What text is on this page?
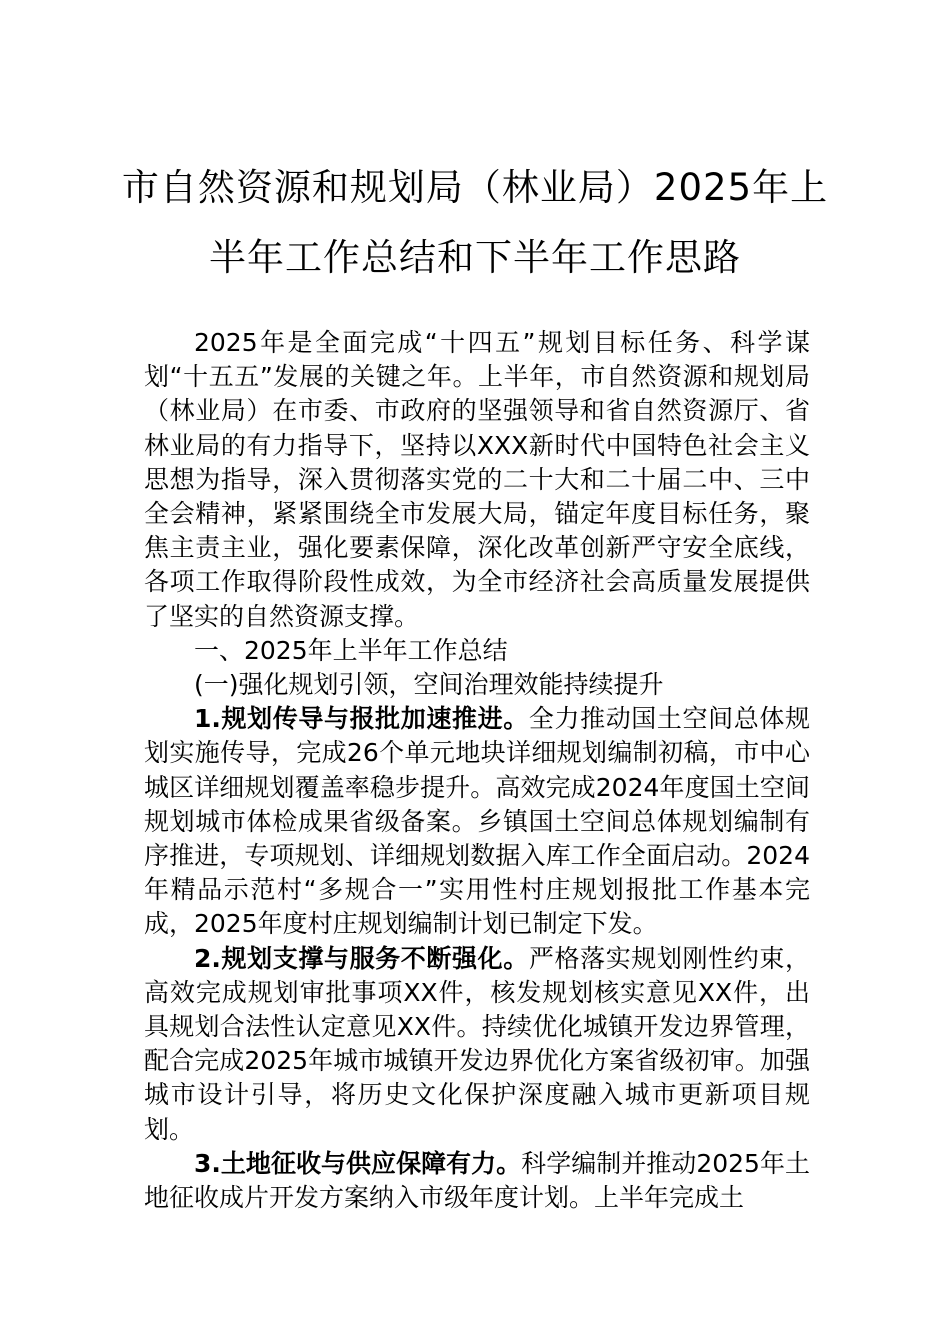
市自然资源和规划局（林业局）2025年上
半年工作总结和下半年工作思路

2025年是全面完成“十四五”规划目标任务、科学谋划“十五五”发展的关键之年。上半年，市自然资源和规划局（林业局）在市委、市政府的坚强领导和省自然资源厅、省林业局的有力指导下，坚持以XXX新时代中国特色社会主义思想为指导，深入贯彻落实党的二十大和二十届二中、三中全会精神，紧紧围绕全市发展大局，锚定年度目标任务，聚焦主责主业，强化要素保障，深化改革创新严守安全底线，各项工作取得阶段性成效，为全市经济社会高质量发展提供了坚实的自然资源支撑。

一、2025年上半年工作总结

(一)强化规划引领，空间治理效能持续提升

1.规划传导与报批加速推进。全力推动国土空间总体规划实施传导，完成26个单元地块详细规划编制初稿，市中心城区详细规划覆盖率稳步提升。高效完成2024年度国土空间规划城市体检成果省级备案。乡镇国土空间总体规划编制有序推进，专项规划、详细规划数据入库工作全面启动。2024年精品示范村“多规合一”实用性村庄规划报批工作基本完成，2025年度村庄规划编制计划已制定下发。

2.规划支撑与服务不断强化。严格落实规划刚性约束，高效完成规划审批事项XX件，核发规划核实意见XX件，出具规划合法性认定意见XX件。持续优化城镇开发边界管理，配合完成2025年城市城镇开发边界优化方案省级初审。加强城市设计引导，将历史文化保护深度融入城市更新项目规划。

3.土地征收与供应保障有力。科学编制并推动2025年土地征收成片开发方案纳入市级年度计划。上半年完成土
